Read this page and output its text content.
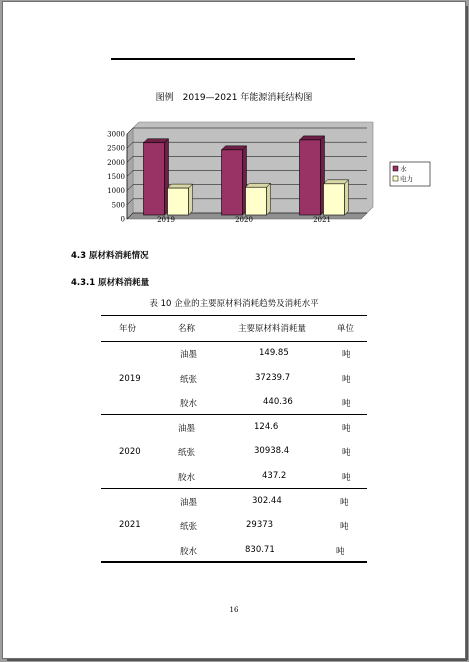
图例　2019—2021 年能源消耗结构图
0
500
1000
1500
2000
2500
3000
2019	2020	2021
水
电力
4.3 原材料消耗情况
4.3.1 原材料消耗量
表 10 企业的主要原材料消耗趋势及消耗水平
年份	名称	主要原材料消耗量	单位
2019
油墨	149.85	吨
纸张	37239.7	吨
胶水	440.36	吨
2020
油墨	124.6	吨
纸张	30938.4	吨
胶水	437.2	吨
2021
油墨	302.44	吨
纸张	29373	吨
胶水	830.71	吨
16
